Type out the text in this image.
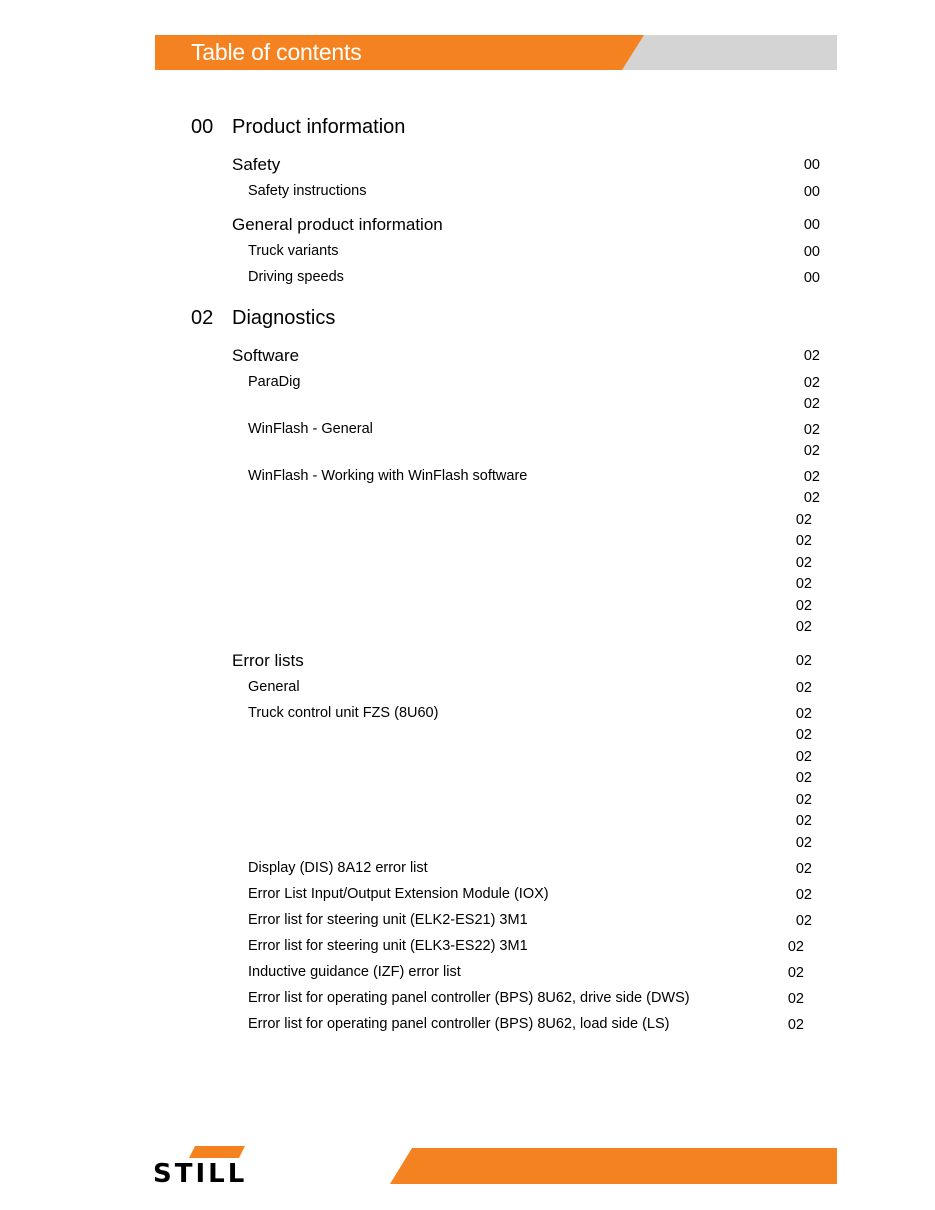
Table of contents
00 Product information
Safety	00
Safety instructions	00
General product information	00
Truck variants	00
Driving speeds	00
02 Diagnostics
Software	02
ParaDig	02
02
WinFlash - General	02
02
WinFlash - Working with WinFlash software	02
02
02
02
02
02
02
02
Error lists	02
General	02
Truck control unit FZS (8U60)	02
02
02
02
02
02
02
Display (DIS) 8A12 error list	02
Error List Input/Output Extension Module (IOX)	02
Error list for steering unit (ELK2-ES21) 3M1	02
Error list for steering unit (ELK3-ES22) 3M1	02
Inductive guidance (IZF) error list	02
Error list for operating panel controller (BPS) 8U62, drive side (DWS)	02
Error list for operating panel controller (BPS) 8U62, load side (LS)	02
STILL
